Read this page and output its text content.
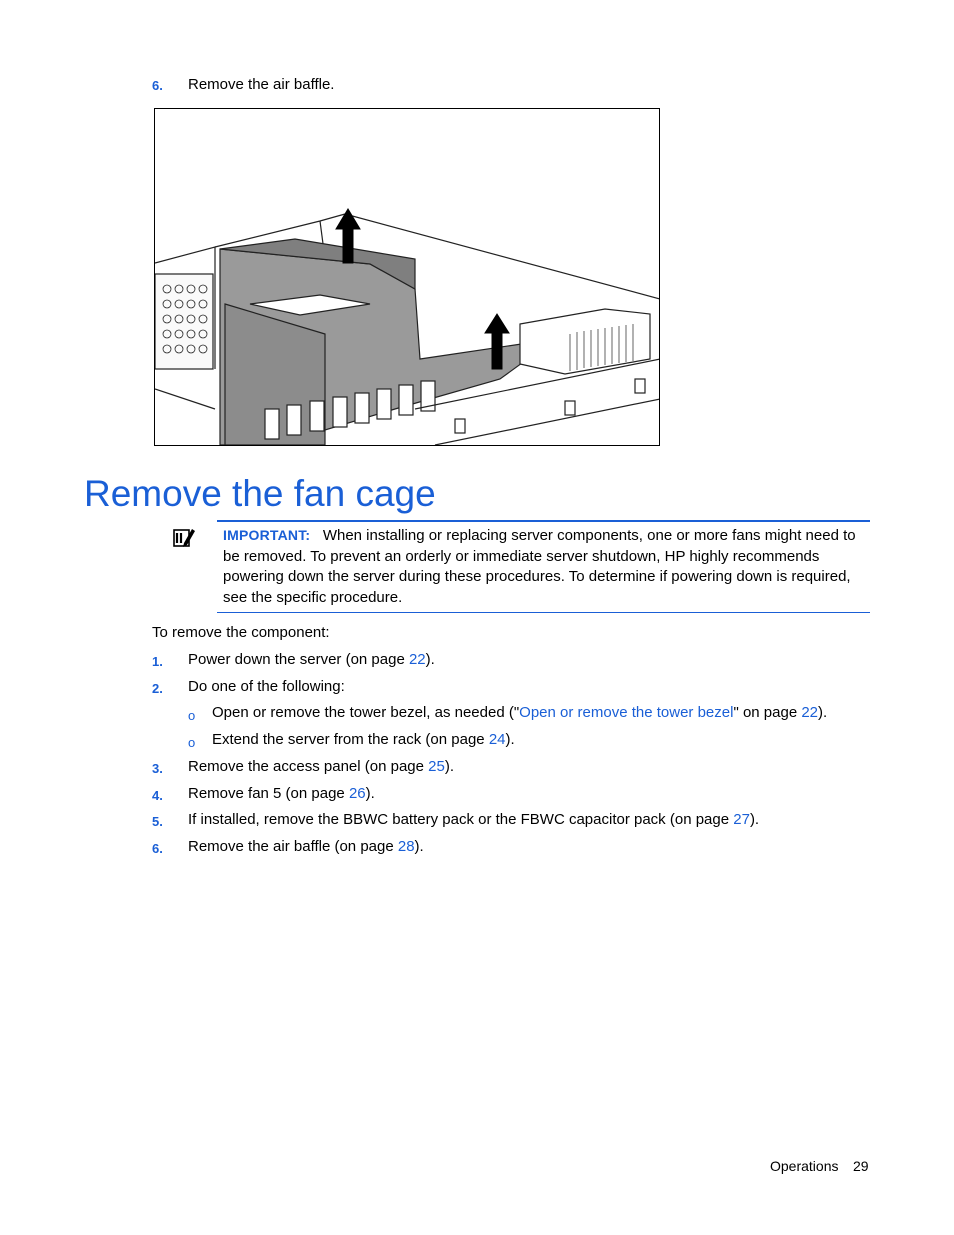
6. Remove the air baffle.
Remove the fan cage
IMPORTANT: When installing or replacing server components, one or more fans might need to be removed. To prevent an orderly or immediate server shutdown, HP highly recommends powering down the server during these procedures. To determine if powering down is required, see the specific procedure.
To remove the component:
1. Power down the server (on page 22).
2. Do one of the following:
o Open or remove the tower bezel, as needed ("Open or remove the tower bezel" on page 22).
o Extend the server from the rack (on page 24).
3. Remove the access panel (on page 25).
4. Remove fan 5 (on page 26).
5. If installed, remove the BBWC battery pack or the FBWC capacitor pack (on page 27).
6. Remove the air baffle (on page 28).
Operations 29
